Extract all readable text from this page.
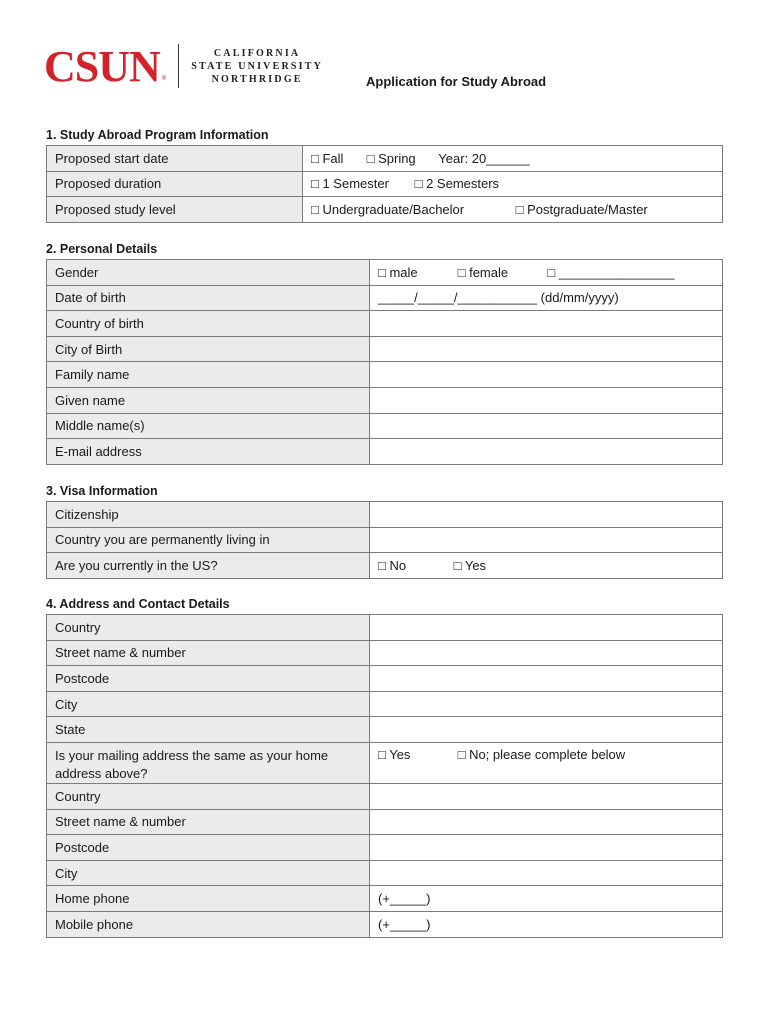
CSUN ®
CALIFORNIA
STATE UNIVERSITY
NORTHRIDGE	Application for Study Abroad
1. Study Abroad Program Information
Proposed start date	□ Fall □ Spring Year: 20______
Proposed duration	□ 1 Semester □ 2 Semesters
Proposed study level	□ Undergraduate/Bachelor □ Postgraduate/Master
2. Personal Details
Gender	□ male □ female □ ________________
Date of birth	_____/_____/___________ (dd/mm/yyyy)
Country of birth	
City of Birth	
Family name	
Given name	
Middle name(s)	
E-mail address	
3. Visa Information
Citizenship	
Country you are permanently living in	
Are you currently in the US?	□ No □ Yes
4. Address and Contact Details
Country	
Street name & number	
Postcode	
City	
State	
Is your mailing address the same as your home address above?	□ Yes □ No; please complete below
Country	
Street name & number	
Postcode	
City	
Home phone	(+_____)
Mobile phone	(+_____)
